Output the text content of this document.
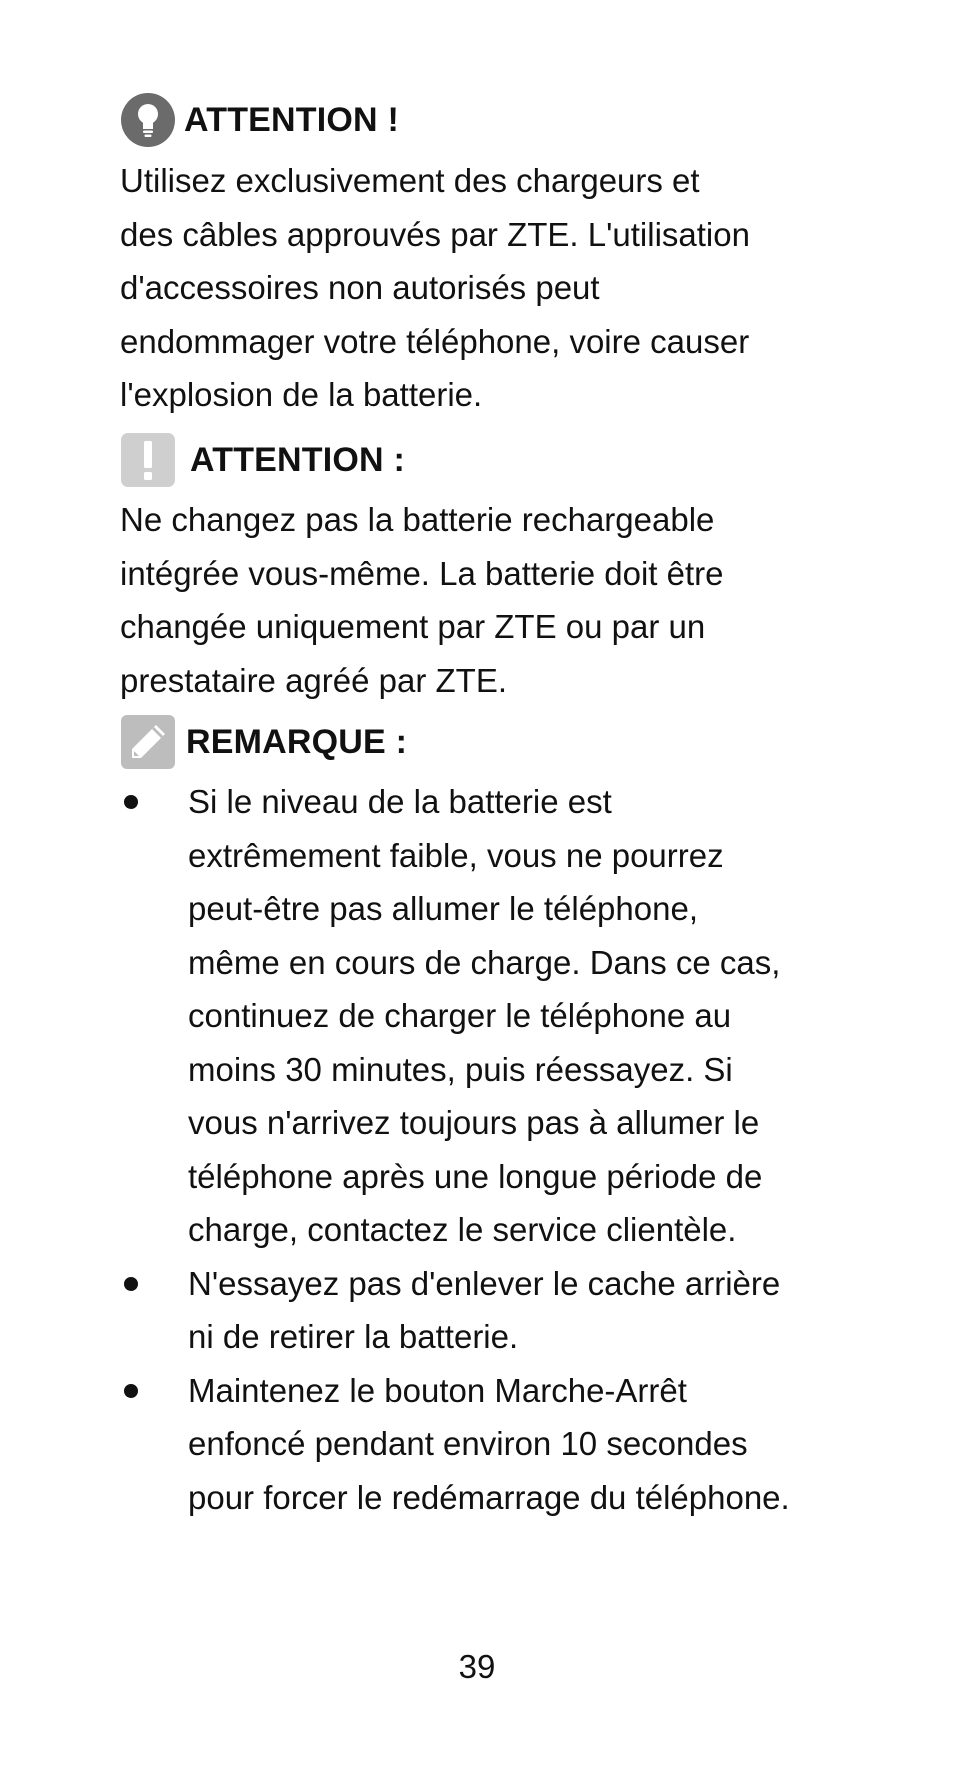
ATTENTION !

Utilisez exclusivement des chargeurs et
des câbles approuvés par ZTE. L'utilisation
d'accessoires non autorisés peut
endommager votre téléphone, voire causer
l'explosion de la batterie.

ATTENTION :

Ne changez pas la batterie rechargeable
intégrée vous-même. La batterie doit être
changée uniquement par ZTE ou par un
prestataire agréé par ZTE.

REMARQUE :
Si le niveau de la batterie est
extrêmement faible, vous ne pourrez
peut-être pas allumer le téléphone,
même en cours de charge. Dans ce cas,
continuez de charger le téléphone au
moins 30 minutes, puis réessayez. Si
vous n'arrivez toujours pas à allumer le
téléphone après une longue période de
charge, contactez le service clientèle.
N'essayez pas d'enlever le cache arrière
ni de retirer la batterie.
Maintenez le bouton Marche-Arrêt
enfoncé pendant environ 10 secondes
pour forcer le redémarrage du téléphone.
39
